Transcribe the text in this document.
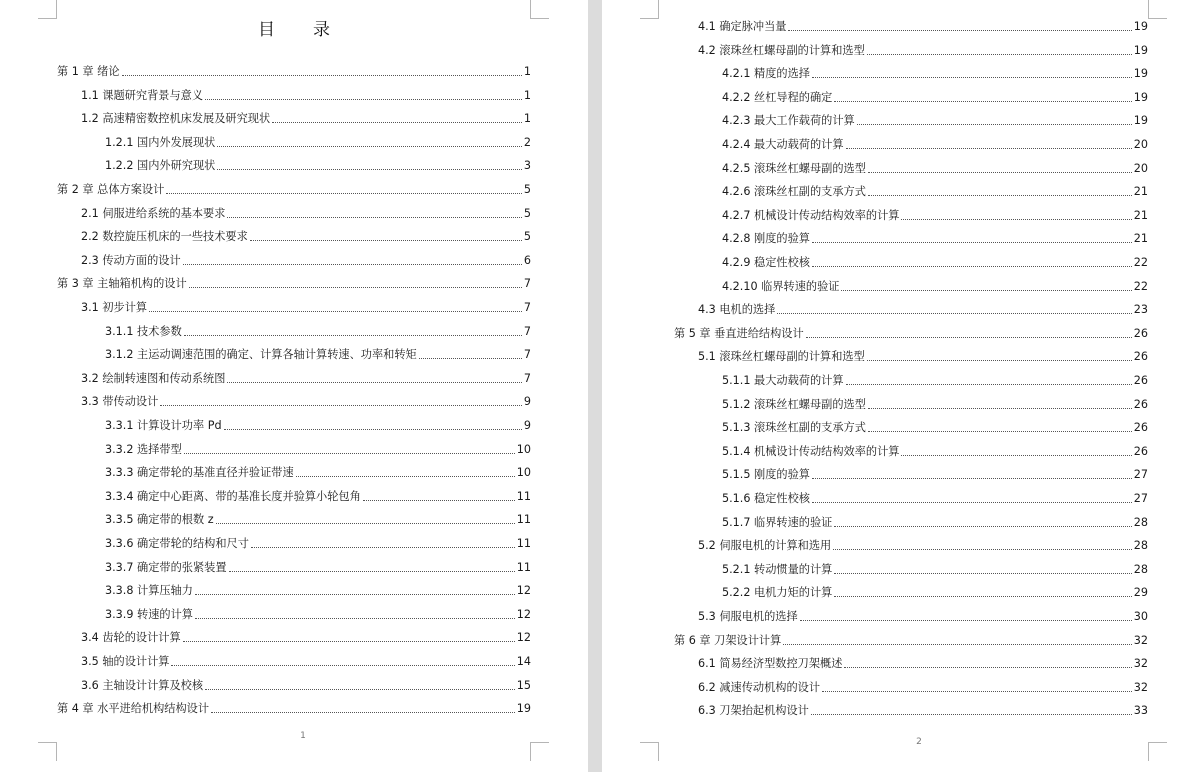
目录
第 1 章 绪论	1
1.1 课题研究背景与意义	1
1.2 高速精密数控机床发展及研究现状	1
1.2.1 国内外发展现状	2
1.2.2 国内外研究现状	3
第 2 章 总体方案设计	5
2.1 伺服进给系统的基本要求	5
2.2 数控旋压机床的一些技术要求	5
2.3 传动方面的设计	6
第 3 章 主轴箱机构的设计	7
3.1 初步计算	7
3.1.1 技术参数	7
3.1.2 主运动调速范围的确定、计算各轴计算转速、功率和转矩	7
3.2 绘制转速图和传动系统图	7
3.3 带传动设计	9
3.3.1 计算设计功率 Pd	9
3.3.2 选择带型	10
3.3.3 确定带轮的基准直径并验证带速	10
3.3.4 确定中心距离、带的基准长度并验算小轮包角	11
3.3.5 确定带的根数 z	11
3.3.6 确定带轮的结构和尺寸	11
3.3.7 确定带的张紧装置	11
3.3.8 计算压轴力	12
3.3.9 转速的计算	12
3.4 齿轮的设计计算	12
3.5 轴的设计计算	14
3.6 主轴设计计算及校核	15
第 4 章 水平进给机构结构设计	19
1
4.1 确定脉冲当量	19
4.2 滚珠丝杠螺母副的计算和选型	19
4.2.1 精度的选择	19
4.2.2 丝杠导程的确定	19
4.2.3 最大工作载荷的计算	19
4.2.4 最大动载荷的计算	20
4.2.5 滚珠丝杠螺母副的选型	20
4.2.6 滚珠丝杠副的支承方式	21
4.2.7 机械设计传动结构效率的计算	21
4.2.8 刚度的验算	21
4.2.9 稳定性校核	22
4.2.10 临界转速的验证	22
4.3 电机的选择	23
第 5 章 垂直进给结构设计	26
5.1 滚珠丝杠螺母副的计算和选型	26
5.1.1 最大动载荷的计算	26
5.1.2 滚珠丝杠螺母副的选型	26
5.1.3 滚珠丝杠副的支承方式	26
5.1.4 机械设计传动结构效率的计算	26
5.1.5 刚度的验算	27
5.1.6 稳定性校核	27
5.1.7 临界转速的验证	28
5.2 伺服电机的计算和选用	28
5.2.1 转动惯量的计算	28
5.2.2 电机力矩的计算	29
5.3 伺服电机的选择	30
第 6 章 刀架设计计算	32
6.1 简易经济型数控刀架概述	32
6.2 减速传动机构的设计	32
6.3 刀架抬起机构设计	33
2
